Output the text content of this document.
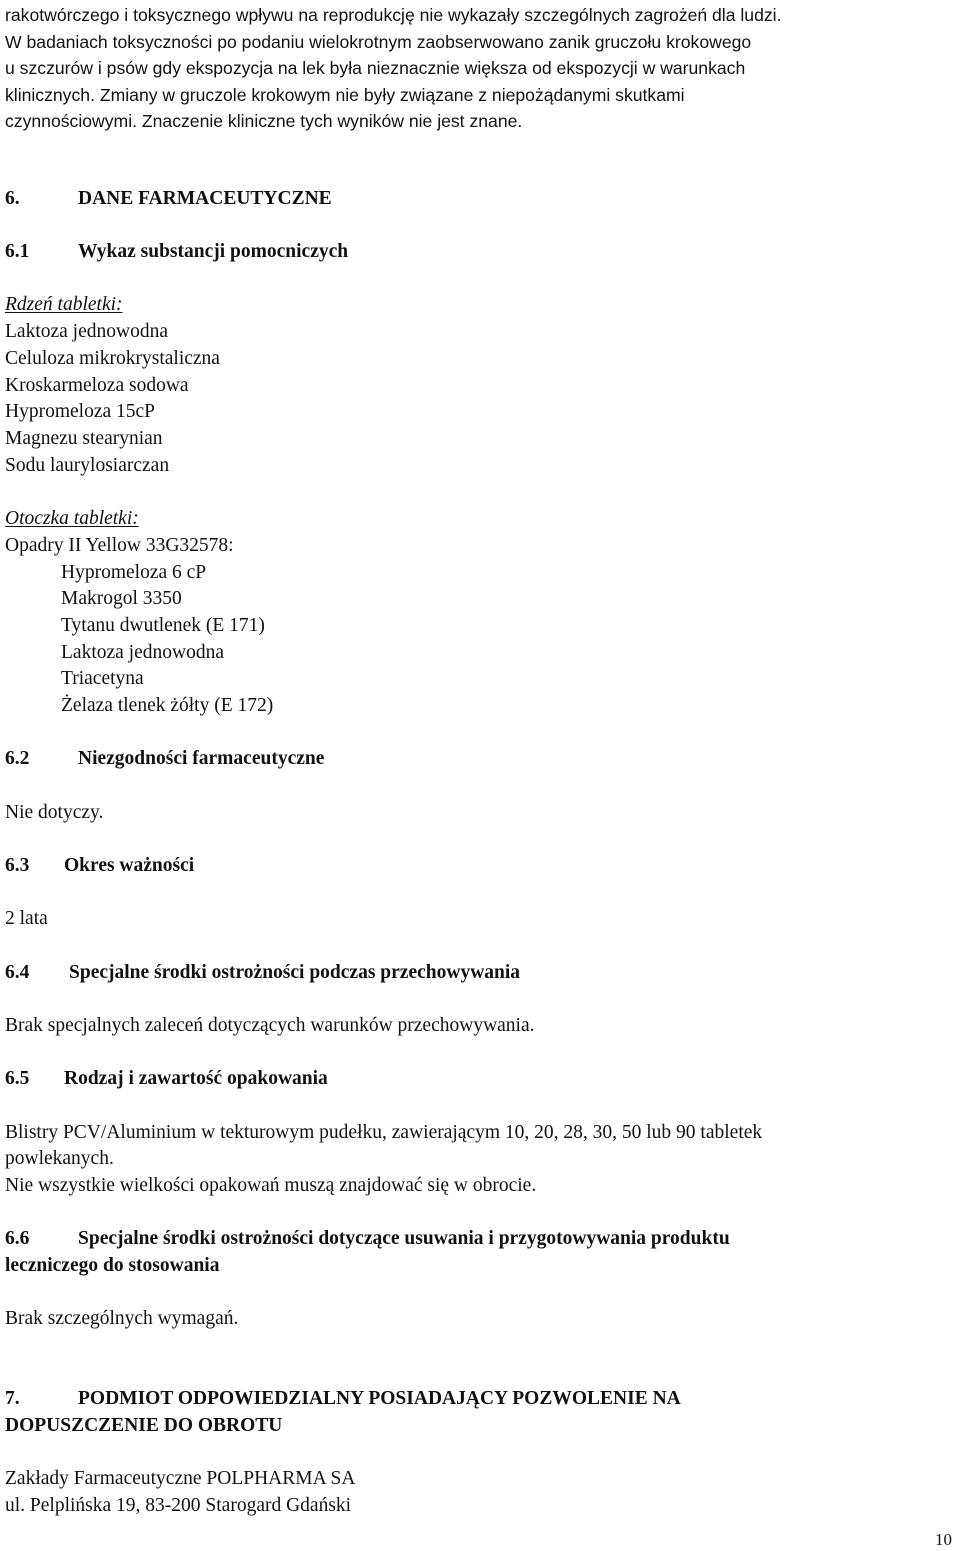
rakotwórczego i toksycznego wpływu na reprodukcję nie wykazały szczególnych zagrożeń dla ludzi.

W badaniach toksyczności po podaniu wielokrotnym zaobserwowano zanik gruczołu krokowego

u szczurów i psów gdy ekspozycja na lek była nieznacznie większa od ekspozycji w warunkach

klinicznych. Zmiany w gruczole krokowym nie były związane z niepożądanymi skutkami

czynnościowymi. Znaczenie kliniczne tych wyników nie jest znane.

6.	DANE FARMACEUTYCZNE
6.1 Wykaz substancji pomocniczych

Rdzeń tabletki:

Laktoza jednowodna

Celuloza mikrokrystaliczna

Kroskarmeloza sodowa

Hypromeloza 15cP

Magnezu stearynian

Sodu laurylosiarczan

Otoczka tabletki:

Opadry II Yellow 33G32578:

Hypromeloza 6 cP

Makrogol 3350

Tytanu dwutlenek (E 171)

Laktoza jednowodna

Triacetyna

Żelaza tlenek żółty (E 172)

6.2 Niezgodności farmaceutyczne

Nie dotyczy.

6.3 Okres ważności

2 lata

6.4 Specjalne środki ostrożności podczas przechowywania

Brak specjalnych zaleceń dotyczących warunków przechowywania.

6.5 Rodzaj i zawartość opakowania

Blistry PCV/Aluminium w tekturowym pudełku, zawierającym 10, 20, 28, 30, 50 lub 90 tabletek

powlekanych.

Nie wszystkie wielkości opakowań muszą znajdować się w obrocie.

6.6 Specjalne środki ostrożności dotyczące usuwania i przygotowywania produktu

leczniczego do stosowania

Brak szczególnych wymagań.

7.	PODMIOT ODPOWIEDZIALNY POSIADAJĄCY POZWOLENIE NA

DOPUSZCZENIE DO OBROTU

Zakłady Farmaceutyczne POLPHARMA SA

ul. Pelplińska 19, 83-200 Starogard Gdański

10
